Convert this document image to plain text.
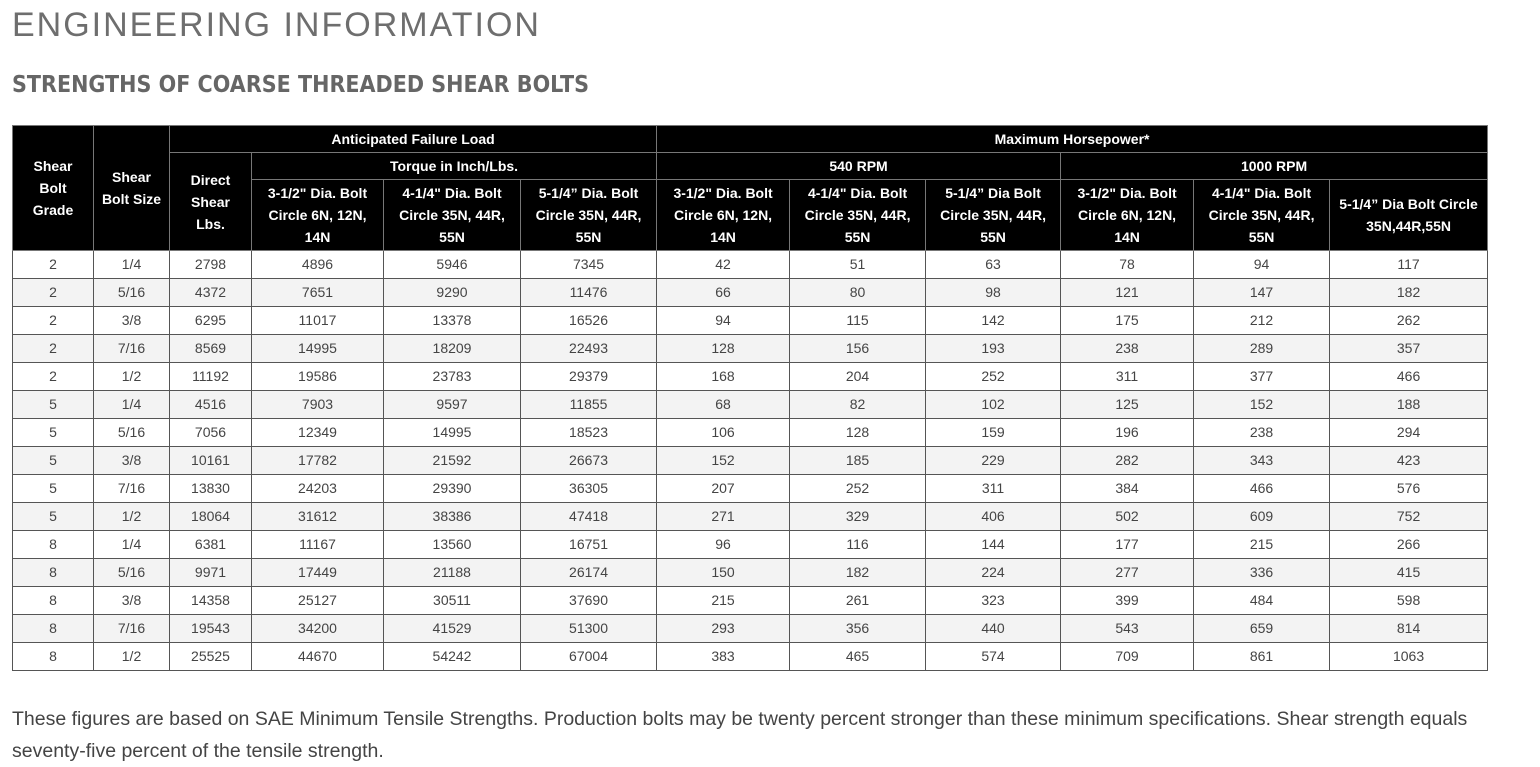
ENGINEERING INFORMATION
STRENGTHS OF COARSE THREADED SHEAR BOLTS
Shear Bolt Grade	Shear Bolt Size	Anticipated Failure Load				Maximum Horsepower*					
		Direct Shear Lbs.	Torque in Inch/Lbs.			540 RPM			1000 RPM		
			3-1/2" Dia. Bolt Circle 6N, 12N, 14N	4-1/4" Dia. Bolt Circle 35N, 44R, 55N	5-1/4” Dia. Bolt Circle 35N, 44R, 55N	3-1/2" Dia. Bolt Circle 6N, 12N, 14N	4-1/4" Dia. Bolt Circle 35N, 44R, 55N	5-1/4” Dia Bolt Circle 35N, 44R, 55N	3-1/2" Dia. Bolt Circle 6N, 12N, 14N	4-1/4" Dia. Bolt Circle 35N, 44R, 55N	5-1/4” Dia Bolt Circle 35N,44R,55N
2	1/4	2798	4896	5946	7345	42	51	63	78	94	117
2	5/16	4372	7651	9290	11476	66	80	98	121	147	182
2	3/8	6295	11017	13378	16526	94	115	142	175	212	262
2	7/16	8569	14995	18209	22493	128	156	193	238	289	357
2	1/2	11192	19586	23783	29379	168	204	252	311	377	466
5	1/4	4516	7903	9597	11855	68	82	102	125	152	188
5	5/16	7056	12349	14995	18523	106	128	159	196	238	294
5	3/8	10161	17782	21592	26673	152	185	229	282	343	423
5	7/16	13830	24203	29390	36305	207	252	311	384	466	576
5	1/2	18064	31612	38386	47418	271	329	406	502	609	752
8	1/4	6381	11167	13560	16751	96	116	144	177	215	266
8	5/16	9971	17449	21188	26174	150	182	224	277	336	415
8	3/8	14358	25127	30511	37690	215	261	323	399	484	598
8	7/16	19543	34200	41529	51300	293	356	440	543	659	814
8	1/2	25525	44670	54242	67004	383	465	574	709	861	1063

These figures are based on SAE Minimum Tensile Strengths. Production bolts may be twenty percent stronger than these minimum specifications. Shear strength equals seventy-five percent of the tensile strength.
